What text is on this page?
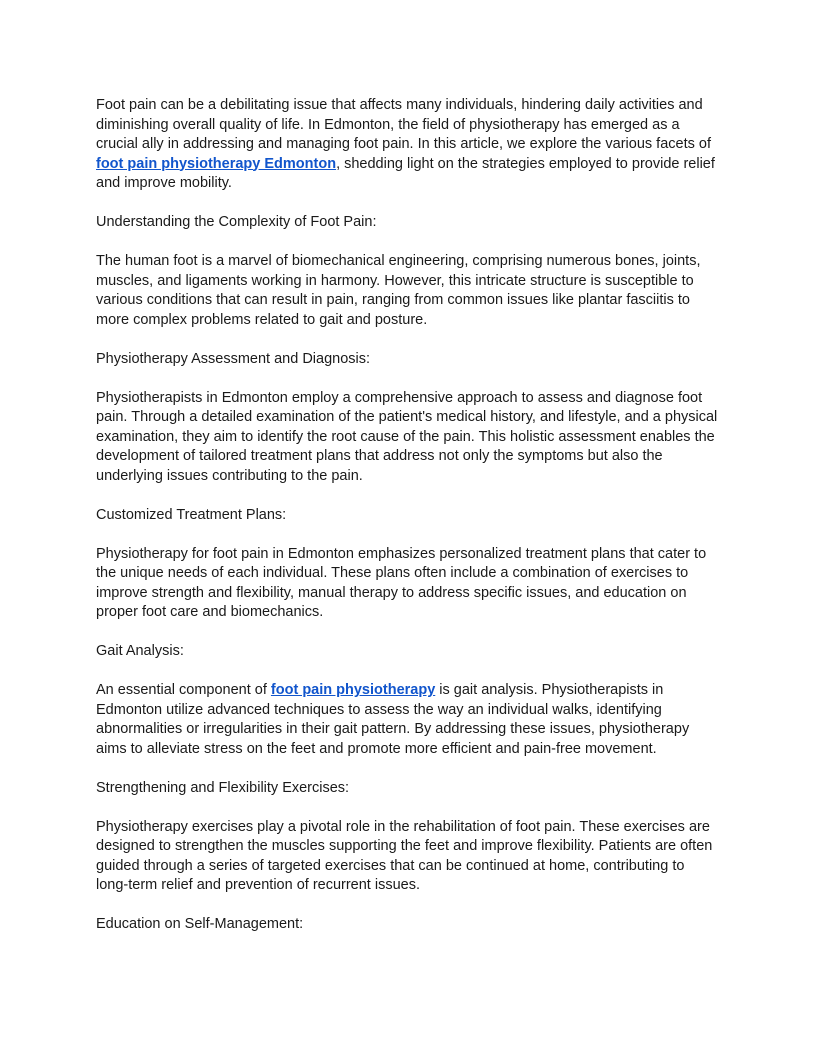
Foot pain can be a debilitating issue that affects many individuals, hindering daily activities and diminishing overall quality of life. In Edmonton, the field of physiotherapy has emerged as a crucial ally in addressing and managing foot pain. In this article, we explore the various facets of foot pain physiotherapy Edmonton, shedding light on the strategies employed to provide relief and improve mobility.

Understanding the Complexity of Foot Pain:

The human foot is a marvel of biomechanical engineering, comprising numerous bones, joints, muscles, and ligaments working in harmony. However, this intricate structure is susceptible to various conditions that can result in pain, ranging from common issues like plantar fasciitis to more complex problems related to gait and posture.

Physiotherapy Assessment and Diagnosis:

Physiotherapists in Edmonton employ a comprehensive approach to assess and diagnose foot pain. Through a detailed examination of the patient's medical history, and lifestyle, and a physical examination, they aim to identify the root cause of the pain. This holistic assessment enables the development of tailored treatment plans that address not only the symptoms but also the underlying issues contributing to the pain.

Customized Treatment Plans:

Physiotherapy for foot pain in Edmonton emphasizes personalized treatment plans that cater to the unique needs of each individual. These plans often include a combination of exercises to improve strength and flexibility, manual therapy to address specific issues, and education on proper foot care and biomechanics.

Gait Analysis:

An essential component of foot pain physiotherapy is gait analysis. Physiotherapists in Edmonton utilize advanced techniques to assess the way an individual walks, identifying abnormalities or irregularities in their gait pattern. By addressing these issues, physiotherapy aims to alleviate stress on the feet and promote more efficient and pain-free movement.

Strengthening and Flexibility Exercises:

Physiotherapy exercises play a pivotal role in the rehabilitation of foot pain. These exercises are designed to strengthen the muscles supporting the feet and improve flexibility. Patients are often guided through a series of targeted exercises that can be continued at home, contributing to long-term relief and prevention of recurrent issues.

Education on Self-Management:
